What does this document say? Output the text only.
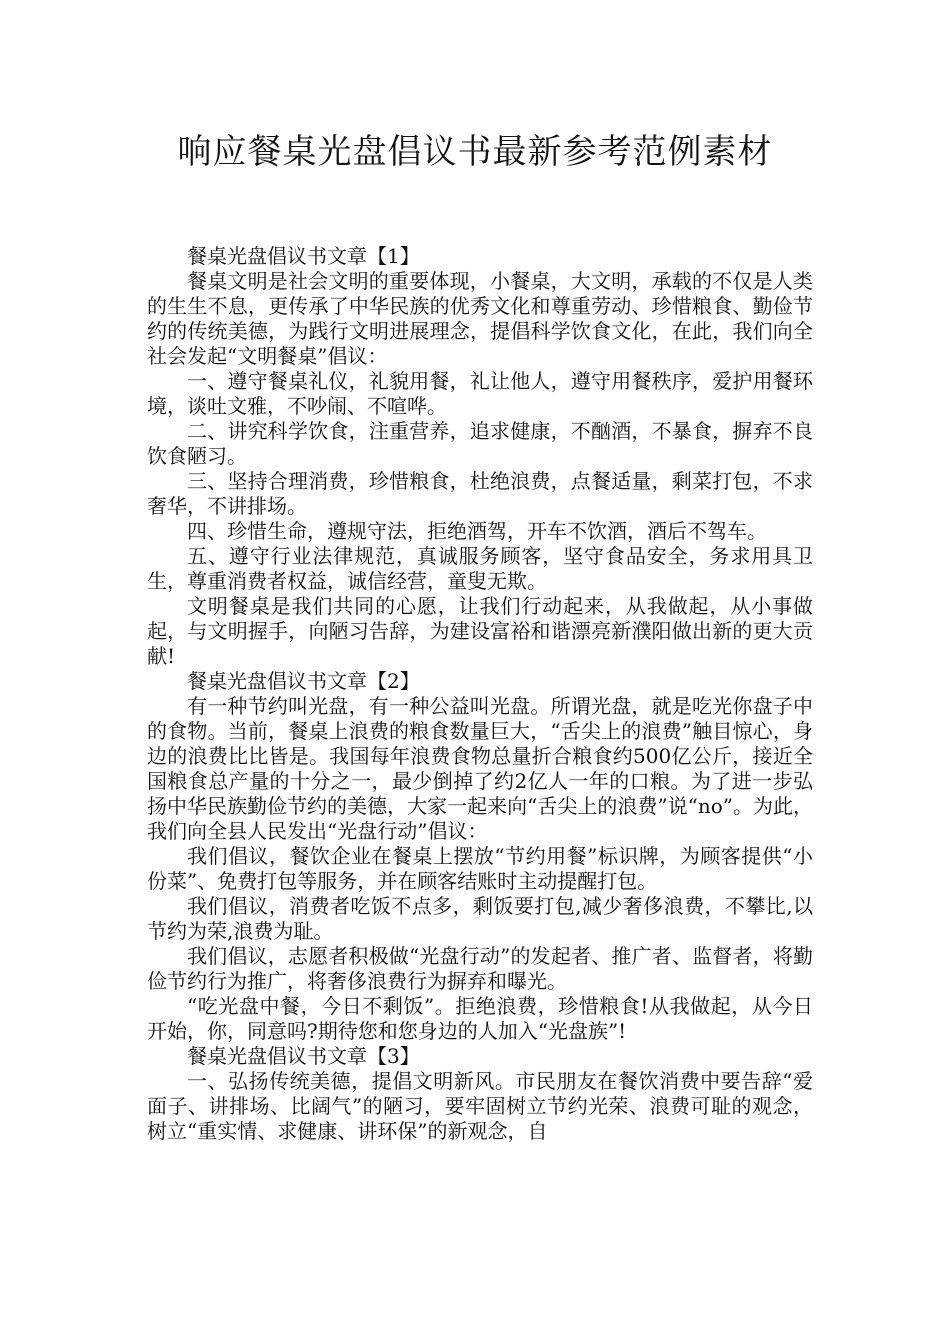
响应餐桌光盘倡议书最新参考范例素材

餐桌光盘倡议书文章【1】

餐桌文明是社会文明的重要体现，小餐桌，大文明，承载的不仅是人类的生生不息，更传承了中华民族的优秀文化和尊重劳动、珍惜粮食、勤俭节约的传统美德，为践行文明进展理念，提倡科学饮食文化，在此，我们向全社会发起“文明餐桌”倡议：

一、遵守餐桌礼仪，礼貌用餐，礼让他人，遵守用餐秩序，爱护用餐环境，谈吐文雅，不吵闹、不喧哗。

二、讲究科学饮食，注重营养，追求健康，不酗酒，不暴食，摒弃不良饮食陋习。

三、坚持合理消费，珍惜粮食，杜绝浪费，点餐适量，剩菜打包，不求奢华，不讲排场。

四、珍惜生命，遵规守法，拒绝酒驾，开车不饮酒，酒后不驾车。

五、遵守行业法律规范，真诚服务顾客，坚守食品安全，务求用具卫生，尊重消费者权益，诚信经营，童叟无欺。

文明餐桌是我们共同的心愿，让我们行动起来，从我做起，从小事做起，与文明握手，向陋习告辞，为建设富裕和谐漂亮新濮阳做出新的更大贡献!

餐桌光盘倡议书文章【2】

有一种节约叫光盘，有一种公益叫光盘。所谓光盘，就是吃光你盘子中的食物。当前，餐桌上浪费的粮食数量巨大，“舌尖上的浪费”触目惊心，身边的浪费比比皆是。我国每年浪费食物总量折合粮食约500亿公斤，接近全国粮食总产量的十分之一，最少倒掉了约2亿人一年的口粮。为了进一步弘扬中华民族勤俭节约的美德，大家一起来向“舌尖上的浪费”说“no”。为此，我们向全县人民发出“光盘行动”倡议：

我们倡议，餐饮企业在餐桌上摆放“节约用餐”标识牌，为顾客提供“小份菜”、免费打包等服务，并在顾客结账时主动提醒打包。

我们倡议，消费者吃饭不点多，剩饭要打包,减少奢侈浪费，不攀比,以节约为荣,浪费为耻。

我们倡议，志愿者积极做“光盘行动”的发起者、推广者、监督者，将勤俭节约行为推广，将奢侈浪费行为摒弃和曝光。

“吃光盘中餐，今日不剩饭”。拒绝浪费，珍惜粮食!从我做起，从今日开始，你，同意吗?期待您和您身边的人加入“光盘族”!

餐桌光盘倡议书文章【3】

一、弘扬传统美德，提倡文明新风。市民朋友在餐饮消费中要告辞“爱面子、讲排场、比阔气”的陋习，要牢固树立节约光荣、浪费可耻的观念，树立“重实情、求健康、讲环保”的新观念，自
